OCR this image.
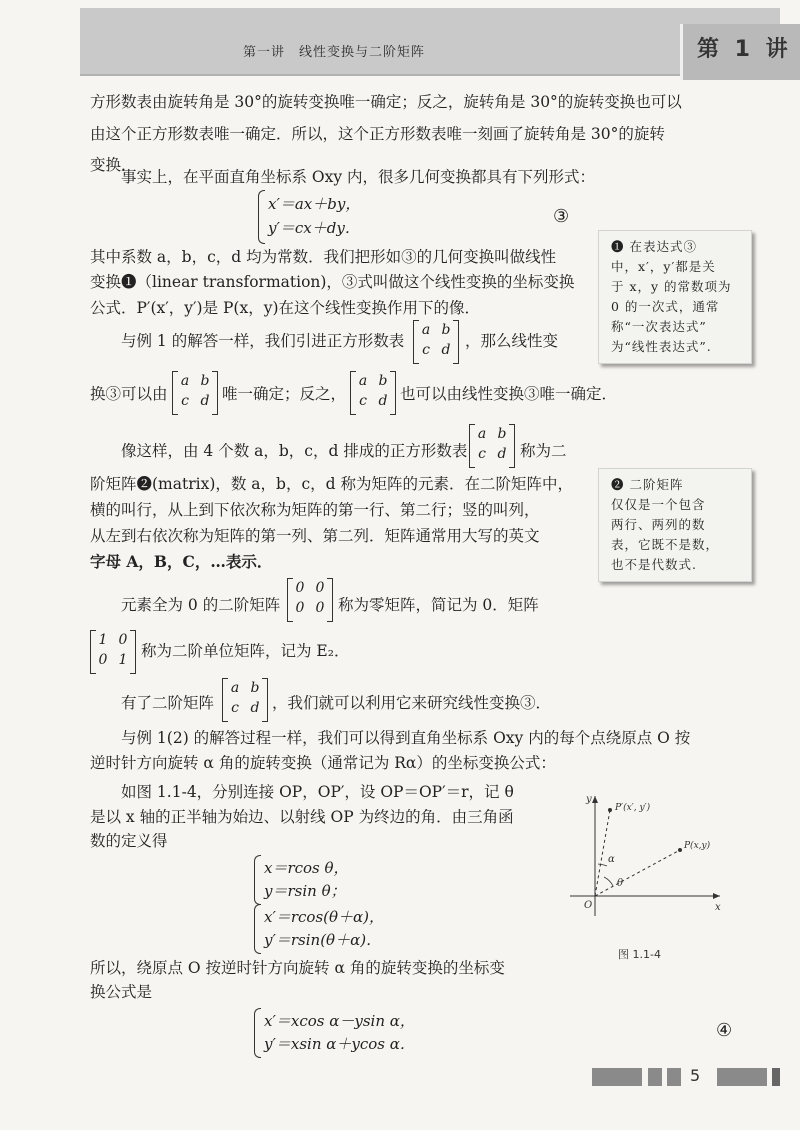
第一讲　线性变换与二阶矩阵	第 1 讲
方形数表由旋转角是 30°的旋转变换唯一确定；反之，旋转角是 30°的旋转变换也可以
由这个正方形数表唯一确定．所以，这个正方形数表唯一刻画了旋转角是 30°的旋转
变换．
事实上，在平面直角坐标系 Oxy 内，很多几何变换都具有下列形式：
x′＝ax＋by，
y′＝cx＋dy．
③
其中系数 a，b，c，d 均为常数．我们把形如③的几何变换叫做线性
变换❶（linear transformation)，③式叫做这个线性变换的坐标变换
公式．P′(x′，y′)是 P(x，y)在这个线性变换作用下的像．
❶ 在表达式③
中，x′，y′都是关
于 x，y 的常数项为
0 的一次式，通常
称“一次表达式”
为“线性表达式”.
与例 1 的解答一样，我们引进正方形数表
a b
c d ，那么线性变
换③可以由
a b
c d 唯一确定；反之，
a b
c d 也可以由线性变换③唯一确定．
像这样，由 4 个数 a，b，c，d 排成的正方形数表
a b
c d 称为二
阶矩阵❷(matrix)，数 a，b，c，d 称为矩阵的元素．在二阶矩阵中，
横的叫行，从上到下依次称为矩阵的第一行、第二行；竖的叫列，
从左到右依次称为矩阵的第一列、第二列．矩阵通常用大写的英文
字母 A，B，C，…表示．
❷ 二阶矩阵
仅仅是一个包含
两行、两列的数
表，它既不是数，
也不是代数式.
元素全为 0 的二阶矩阵
0 0
0 0 称为零矩阵，简记为 0．矩阵
1 0
0 1 称为二阶单位矩阵，记为 E₂．
有了二阶矩阵
a b
c d ，我们就可以利用它来研究线性变换③．
与例 1(2) 的解答过程一样，我们可以得到直角坐标系 Oxy 内的每个点绕原点 O 按
逆时针方向旋转 α 角的旋转变换（通常记为 Rα）的坐标变换公式：
如图 1.1-4，分别连接 OP，OP′，设 OP＝OP′＝r，记 θ
是以 x 轴的正半轴为始边、以射线 OP 为终边的角．由三角函
数的定义得
x＝rcos θ，
y＝rsin θ；
x′＝rcos(θ＋α)，
y′＝rsin(θ＋α)．
所以，绕原点 O 按逆时针方向旋转 α 角的旋转变换的坐标变
换公式是
x′＝xcos α－ysin α，
y′＝xsin α＋ycos α．
④
y
x
O
P′(x′, y′)
P(x,y)
α
θ
图 1.1-4
5
